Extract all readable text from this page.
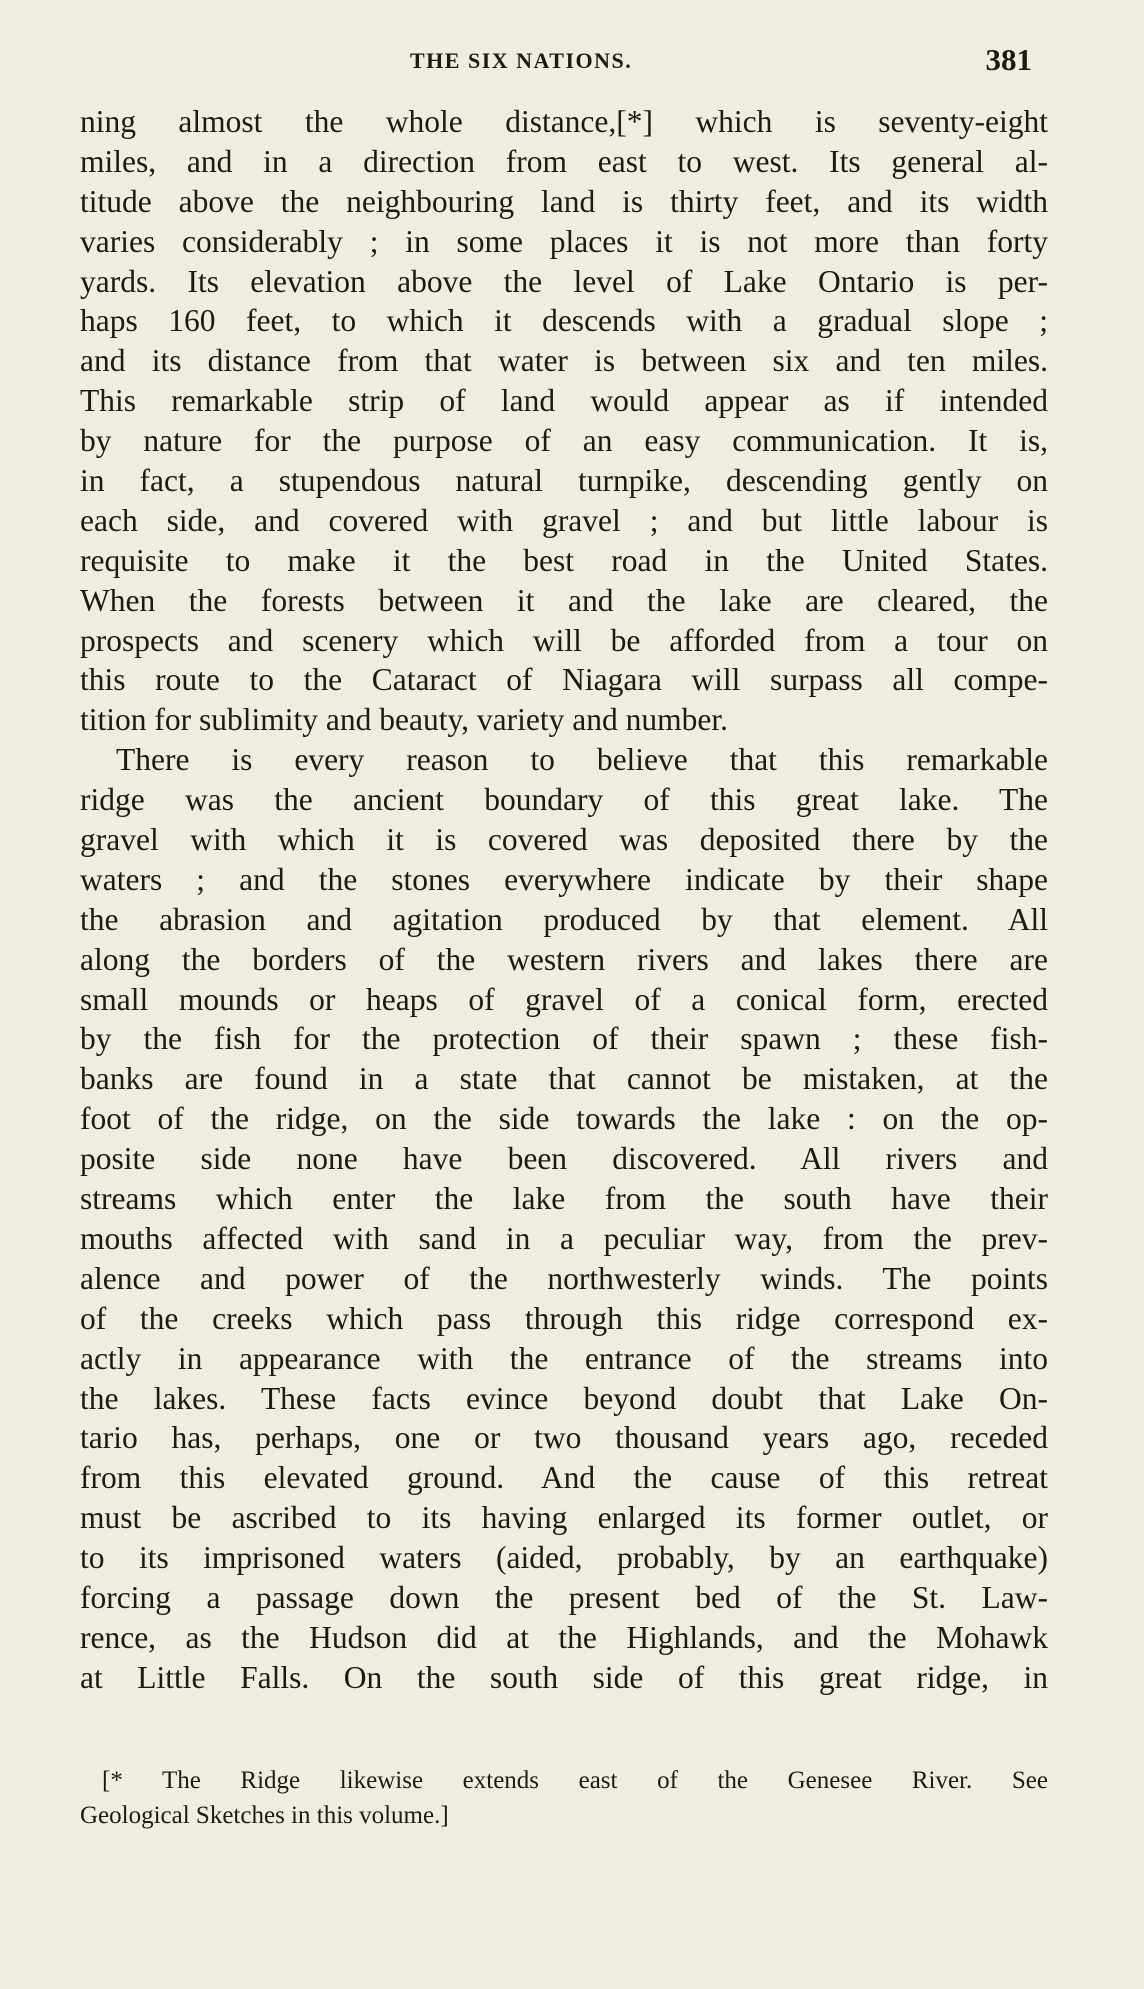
THE SIX NATIONS.	381
ning almost the whole distance,[*] which is seventy-eight
miles, and in a direction from east to west. Its general al-
titude above the neighbouring land is thirty feet, and its width
varies considerably ; in some places it is not more than forty
yards. Its elevation above the level of Lake Ontario is per-
haps 160 feet, to which it descends with a gradual slope ;
and its distance from that water is between six and ten miles.
This remarkable strip of land would appear as if intended
by nature for the purpose of an easy communication. It is,
in fact, a stupendous natural turnpike, descending gently on
each side, and covered with gravel ; and but little labour is
requisite to make it the best road in the United States.
When the forests between it and the lake are cleared, the
prospects and scenery which will be afforded from a tour on
this route to the Cataract of Niagara will surpass all compe-
tition for sublimity and beauty, variety and number.
There is every reason to believe that this remarkable
ridge was the ancient boundary of this great lake. The
gravel with which it is covered was deposited there by the
waters ; and the stones everywhere indicate by their shape
the abrasion and agitation produced by that element. All
along the borders of the western rivers and lakes there are
small mounds or heaps of gravel of a conical form, erected
by the fish for the protection of their spawn ; these fish-
banks are found in a state that cannot be mistaken, at the
foot of the ridge, on the side towards the lake : on the op-
posite side none have been discovered. All rivers and
streams which enter the lake from the south have their
mouths affected with sand in a peculiar way, from the prev-
alence and power of the northwesterly winds. The points
of the creeks which pass through this ridge correspond ex-
actly in appearance with the entrance of the streams into
the lakes. These facts evince beyond doubt that Lake On-
tario has, perhaps, one or two thousand years ago, receded
from this elevated ground. And the cause of this retreat
must be ascribed to its having enlarged its former outlet, or
to its imprisoned waters (aided, probably, by an earthquake)
forcing a passage down the present bed of the St. Law-
rence, as the Hudson did at the Highlands, and the Mohawk
at Little Falls. On the south side of this great ridge, in
[* The Ridge likewise extends east of the Genesee River. See
Geological Sketches in this volume.]
